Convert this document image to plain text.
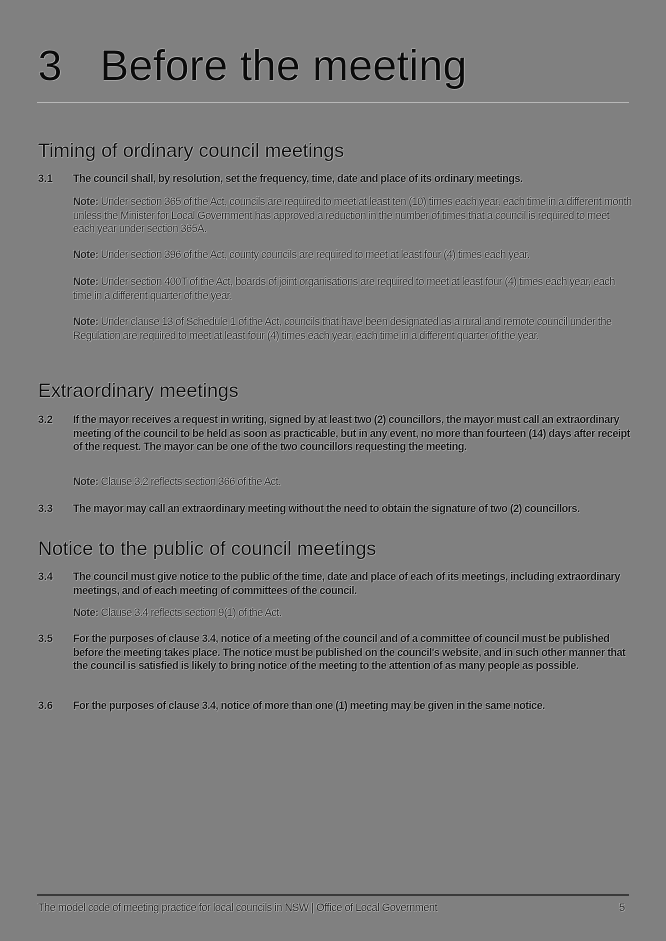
3 Before the meeting
Timing of ordinary council meetings
3.1	The council shall, by resolution, set the frequency, time, date and place of its ordinary meetings.
Note: Under section 365 of the Act, councils are required to meet at least ten (10) times each year, each time in a different month unless the Minister for Local Government has approved a reduction in the number of times that a council is required to meet each year under section 365A.
Note: Under section 396 of the Act, county councils are required to meet at least four (4) times each year.
Note: Under section 400T of the Act, boards of joint organisations are required to meet at least four (4) times each year, each time in a different quarter of the year.
Note: Under clause 13 of Schedule 1 of the Act, councils that have been designated as a rural and remote council under the Regulation are required to meet at least four (4) times each year, each time in a different quarter of the year.
Extraordinary meetings
3.2	If the mayor receives a request in writing, signed by at least two (2) councillors, the mayor must call an extraordinary meeting of the council to be held as soon as practicable, but in any event, no more than fourteen (14) days after receipt of the request. The mayor can be one of the two councillors requesting the meeting.
Note: Clause 3.2 reflects section 366 of the Act.
3.3	The mayor may call an extraordinary meeting without the need to obtain the signature of two (2) councillors.
Notice to the public of council meetings
3.4	The council must give notice to the public of the time, date and place of each of its meetings, including extraordinary meetings, and of each meeting of committees of the council.
Note: Clause 3.4 reflects section 9(1) of the Act.
3.5	For the purposes of clause 3.4, notice of a meeting of the council and of a committee of council must be published before the meeting takes place. The notice must be published on the council's website, and in such other manner that the council is satisfied is likely to bring notice of the meeting to the attention of as many people as possible.
3.6	For the purposes of clause 3.4, notice of more than one (1) meeting may be given in the same notice.
The model code of meeting practice for local councils in NSW | Office of Local Government	5
